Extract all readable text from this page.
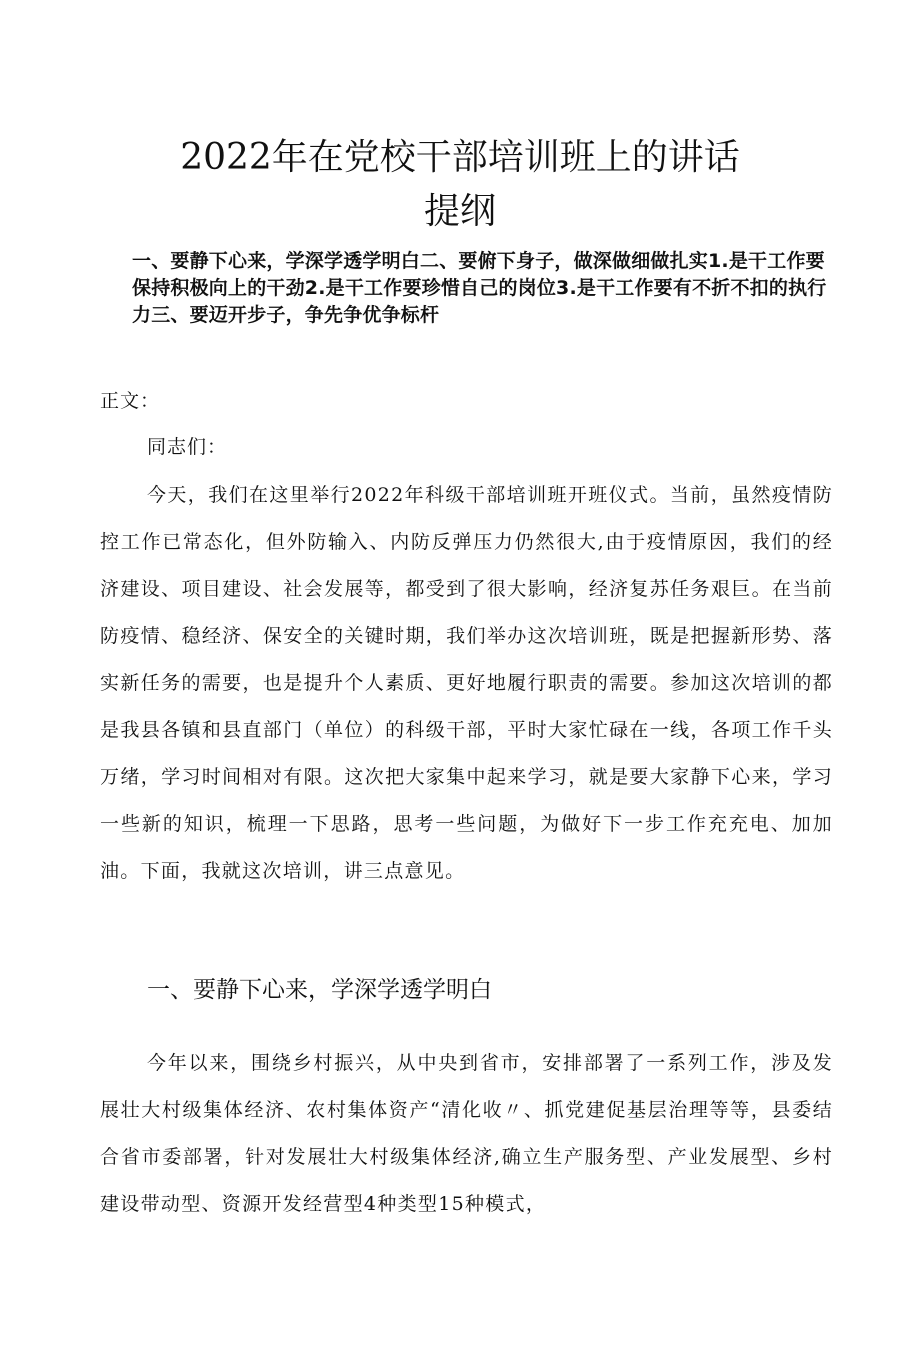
2022年在党校干部培训班上的讲话
提纲

一、要静下心来，学深学透学明白二、要俯下身子，做深做细做扎实1.是干工作要保持积极向上的干劲2.是干工作要珍惜自己的岗位3.是干工作要有不折不扣的执行力三、要迈开步子，争先争优争标杆

正文：

同志们：

今天，我们在这里举行2022年科级干部培训班开班仪式。当前，虽然疫情防控工作已常态化，但外防输入、内防反弹压力仍然很大,由于疫情原因，我们的经济建设、项目建设、社会发展等，都受到了很大影响，经济复苏任务艰巨。在当前防疫情、稳经济、保安全的关键时期，我们举办这次培训班，既是把握新形势、落实新任务的需要，也是提升个人素质、更好地履行职责的需要。参加这次培训的都是我县各镇和县直部门（单位）的科级干部，平时大家忙碌在一线，各项工作千头万绪，学习时间相对有限。这次把大家集中起来学习，就是要大家静下心来，学习一些新的知识，梳理一下思路，思考一些问题，为做好下一步工作充充电、加加油。下面，我就这次培训，讲三点意见。

一、要静下心来，学深学透学明白

今年以来，围绕乡村振兴，从中央到省市，安排部署了一系列工作，涉及发展壮大村级集体经济、农村集体资产“清化收〃、抓党建促基层治理等等，县委结合省市委部署，针对发展壮大村级集体经济,确立生产服务型、产业发展型、乡村建设带动型、资源开发经营型4种类型15种模式，
